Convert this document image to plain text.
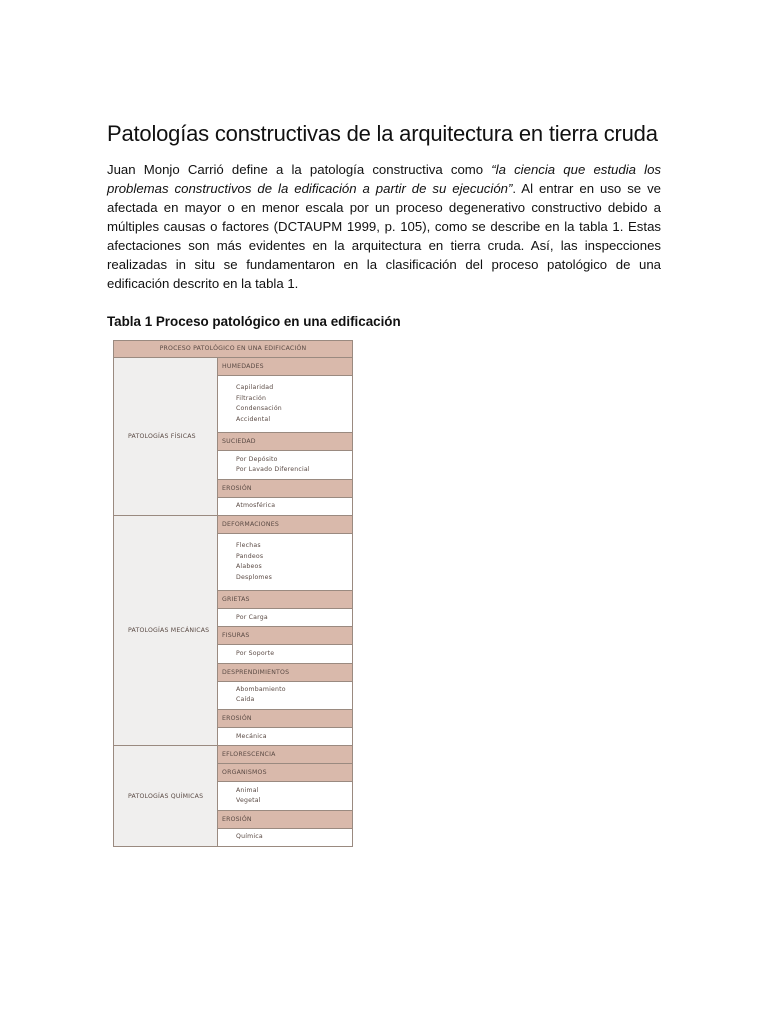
Patologías constructivas de la arquitectura en tierra cruda

Juan Monjo Carrió define a la patología constructiva como “la ciencia que estudia los problemas constructivos de la edificación a partir de su ejecución”. Al entrar en uso se ve afectada en mayor o en menor escala por un proceso degenerativo constructivo debido a múltiples causas o factores (DCTAUPM 1999, p. 105), como se describe en la tabla 1. Estas afectaciones son más evidentes en la arquitectura en tierra cruda. Así, las inspecciones realizadas in situ se fundamentaron en la clasificación del proceso patológico de una edificación descrito en la tabla 1.

Tabla 1 Proceso patológico en una edificación

PROCESO PATOLÓGICO EN UNA EDIFICACIÓN
HUMEDADES
Capilaridad
Filtración
Condensación
Accidental
SUCIEDAD
Por Depósito
Por Lavado Diferencial
EROSIÓN
Atmosférica
PATOLOGÍAS FÍSICAS
DEFORMACIONES
Flechas
Pandeos
Alabeos
Desplomes
GRIETAS
Por Carga
FISURAS
Por Soporte
DESPRENDIMIENTOS
Abombamiento
Caída
EROSIÓN
Mecánica
PATOLOGÍAS MECÁNICAS
EFLORESCENCIA
ORGANISMOS
Animal
Vegetal
EROSIÓN
Química
PATOLOGÍAS QUÍMICAS
